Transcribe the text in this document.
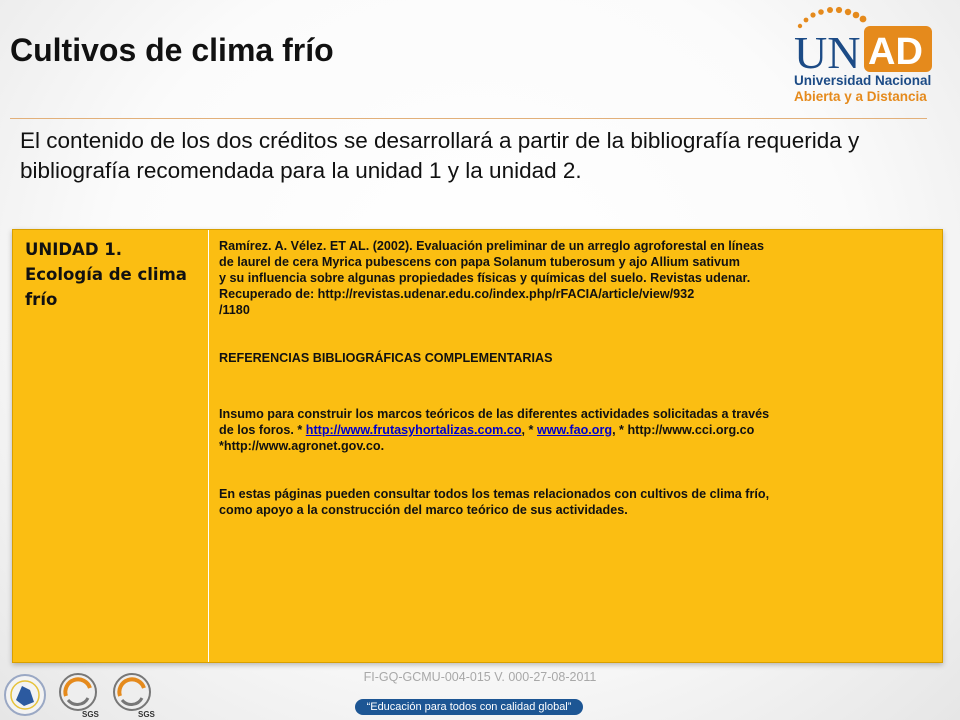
Cultivos de clima frío	UN AD
Universidad Nacional
Abierta y a Distancia
El contenido de los dos créditos se desarrollará a partir de la bibliografía requerida y bibliografía recomendada para la unidad 1 y la unidad 2.
UNIDAD 1. Ecología de clima frío

Ramírez. A. Vélez. ET AL. (2002). Evaluación preliminar de un arreglo agroforestal en líneas

de laurel de cera Myrica pubescens con papa Solanum tuberosum y ajo Allium sativum

y su influencia sobre algunas propiedades físicas y químicas del suelo. Revistas udenar.

Recuperado de: http://revistas.udenar.edu.co/index.php/rFACIA/article/view/932

/1180

REFERENCIAS BIBLIOGRÁFICAS COMPLEMENTARIAS

Insumo para construir los marcos teóricos de las diferentes actividades solicitadas a través

de los foros. * http://www.frutasyhortalizas.com.co, * www.fao.org, * http://www.cci.org.co

*http://www.agronet.gov.co.

En estas páginas pueden consultar todos los temas relacionados con cultivos de clima frío,

como apoyo a la construcción del marco teórico de sus actividades.

SGS	SGS
FI-GQ-GCMU-004-015 V. 000-27-08-2011
“Educación para todos con calidad global”
